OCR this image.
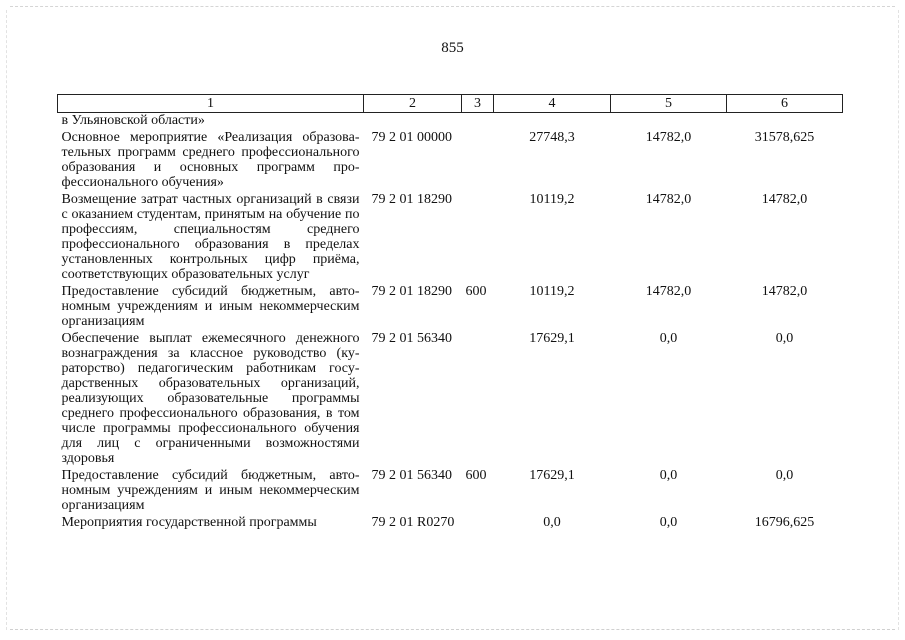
855
1	2	3	4	5	6
в Ульяновской области»					
Основное мероприятие «Реализация образовательных программ среднего профессионального образования и основных программ профессионального обучения»	79 2 01 00000		27748,3	14782,0	31578,625
Возмещение затрат частных организаций в связи с оказанием студентам, принятым на обучение по профессиям, специальностям среднего профессионального образования в пределах установленных контрольных цифр приёма, соответствующих образовательных услуг	79 2 01 18290		10119,2	14782,0	14782,0
Предоставление субсидий бюджетным, автономным учреждениям и иным некоммерческим организациям	79 2 01 18290	600	10119,2	14782,0	14782,0
Обеспечение выплат ежемесячного денежного вознаграждения за классное руководство (кураторство) педагогическим работникам государственных образовательных организаций, реализующих образовательные программы среднего профессионального образования, в том числе программы профессионального обучения для лиц с ограниченными возможностями здоровья	79 2 01 56340		17629,1	0,0	0,0
Предоставление субсидий бюджетным, автономным учреждениям и иным некоммерческим организациям	79 2 01 56340	600	17629,1	0,0	0,0
Мероприятия государственной программы	79 2 01 R0270		0,0	0,0	16796,625
